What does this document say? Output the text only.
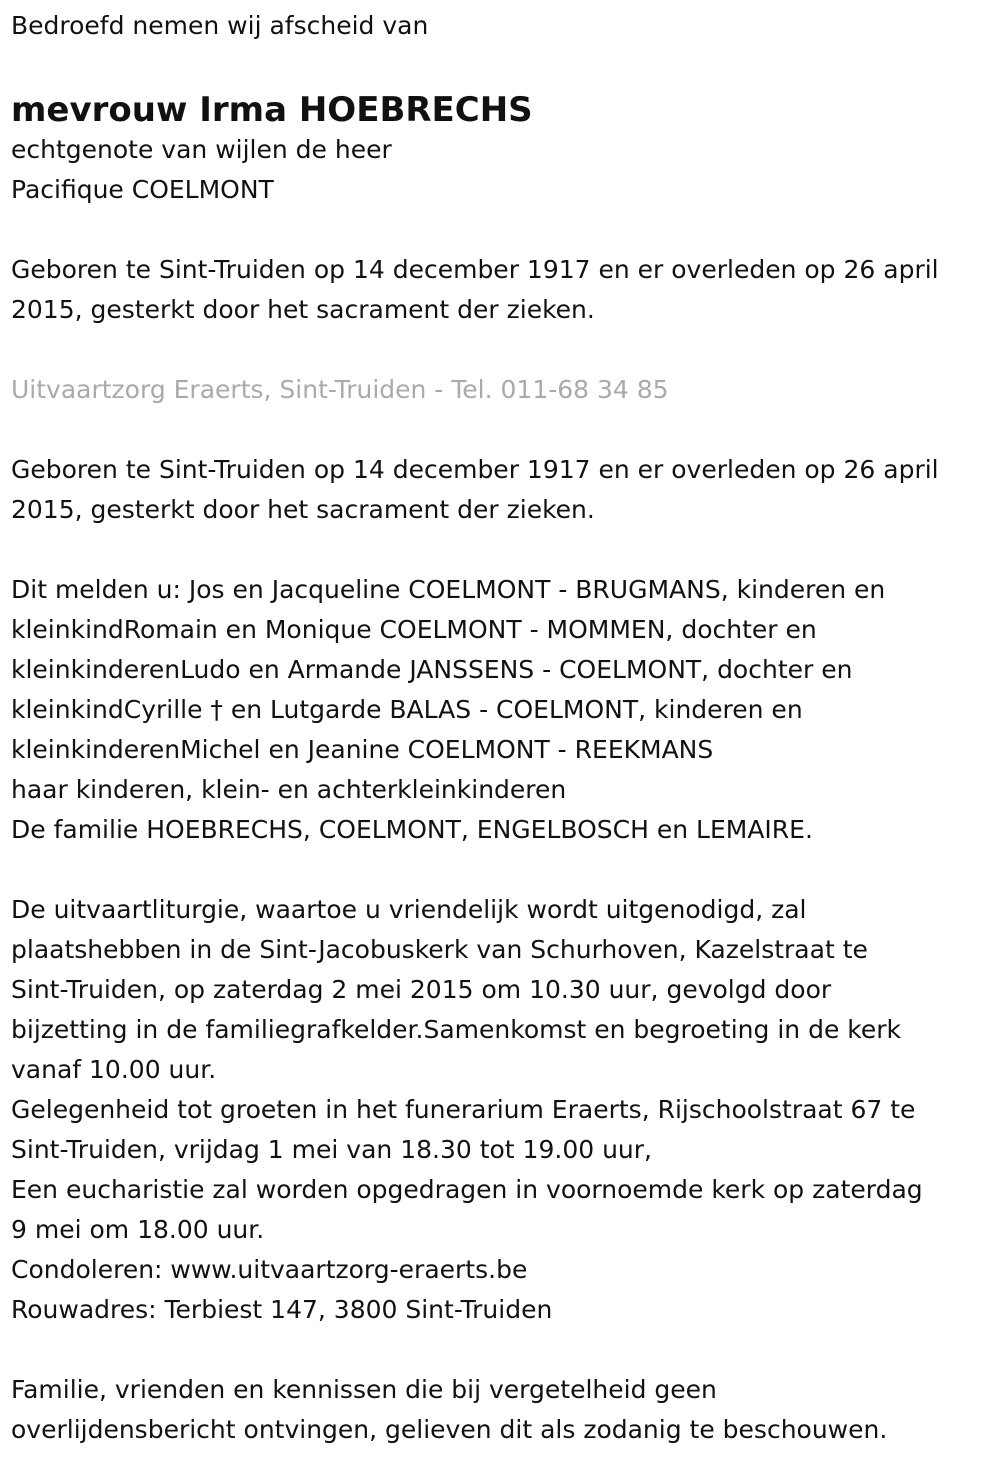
Bedroefd nemen wij afscheid van
mevrouw Irma HOEBRECHS
echtgenote van wijlen de heer
Pacifique COELMONT
Geboren te Sint-Truiden op 14 december 1917 en er overleden op 26 april
2015, gesterkt door het sacrament der zieken.
Uitvaartzorg Eraerts, Sint-Truiden - Tel. 011-68 34 85
Geboren te Sint-Truiden op 14 december 1917 en er overleden op 26 april
2015, gesterkt door het sacrament der zieken.
Dit melden u: Jos en Jacqueline COELMONT - BRUGMANS, kinderen en
kleinkindRomain en Monique COELMONT - MOMMEN, dochter en
kleinkinderenLudo en Armande JANSSENS - COELMONT, dochter en
kleinkindCyrille † en Lutgarde BALAS - COELMONT, kinderen en
kleinkinderenMichel en Jeanine COELMONT - REEKMANS
haar kinderen, klein- en achterkleinkinderen
De familie HOEBRECHS, COELMONT, ENGELBOSCH en LEMAIRE.
De uitvaartliturgie, waartoe u vriendelijk wordt uitgenodigd, zal
plaatshebben in de Sint-Jacobuskerk van Schurhoven, Kazelstraat te
Sint-Truiden, op zaterdag 2 mei 2015 om 10.30 uur, gevolgd door
bijzetting in de familiegrafkelder.Samenkomst en begroeting in de kerk
vanaf 10.00 uur.
Gelegenheid tot groeten in het funerarium Eraerts, Rijschoolstraat 67 te
Sint-Truiden, vrijdag 1 mei van 18.30 tot 19.00 uur,
Een eucharistie zal worden opgedragen in voornoemde kerk op zaterdag
9 mei om 18.00 uur.
Condoleren: www.uitvaartzorg-eraerts.be
Rouwadres: Terbiest 147, 3800 Sint-Truiden
Familie, vrienden en kennissen die bij vergetelheid geen
overlijdensbericht ontvingen, gelieven dit als zodanig te beschouwen.
